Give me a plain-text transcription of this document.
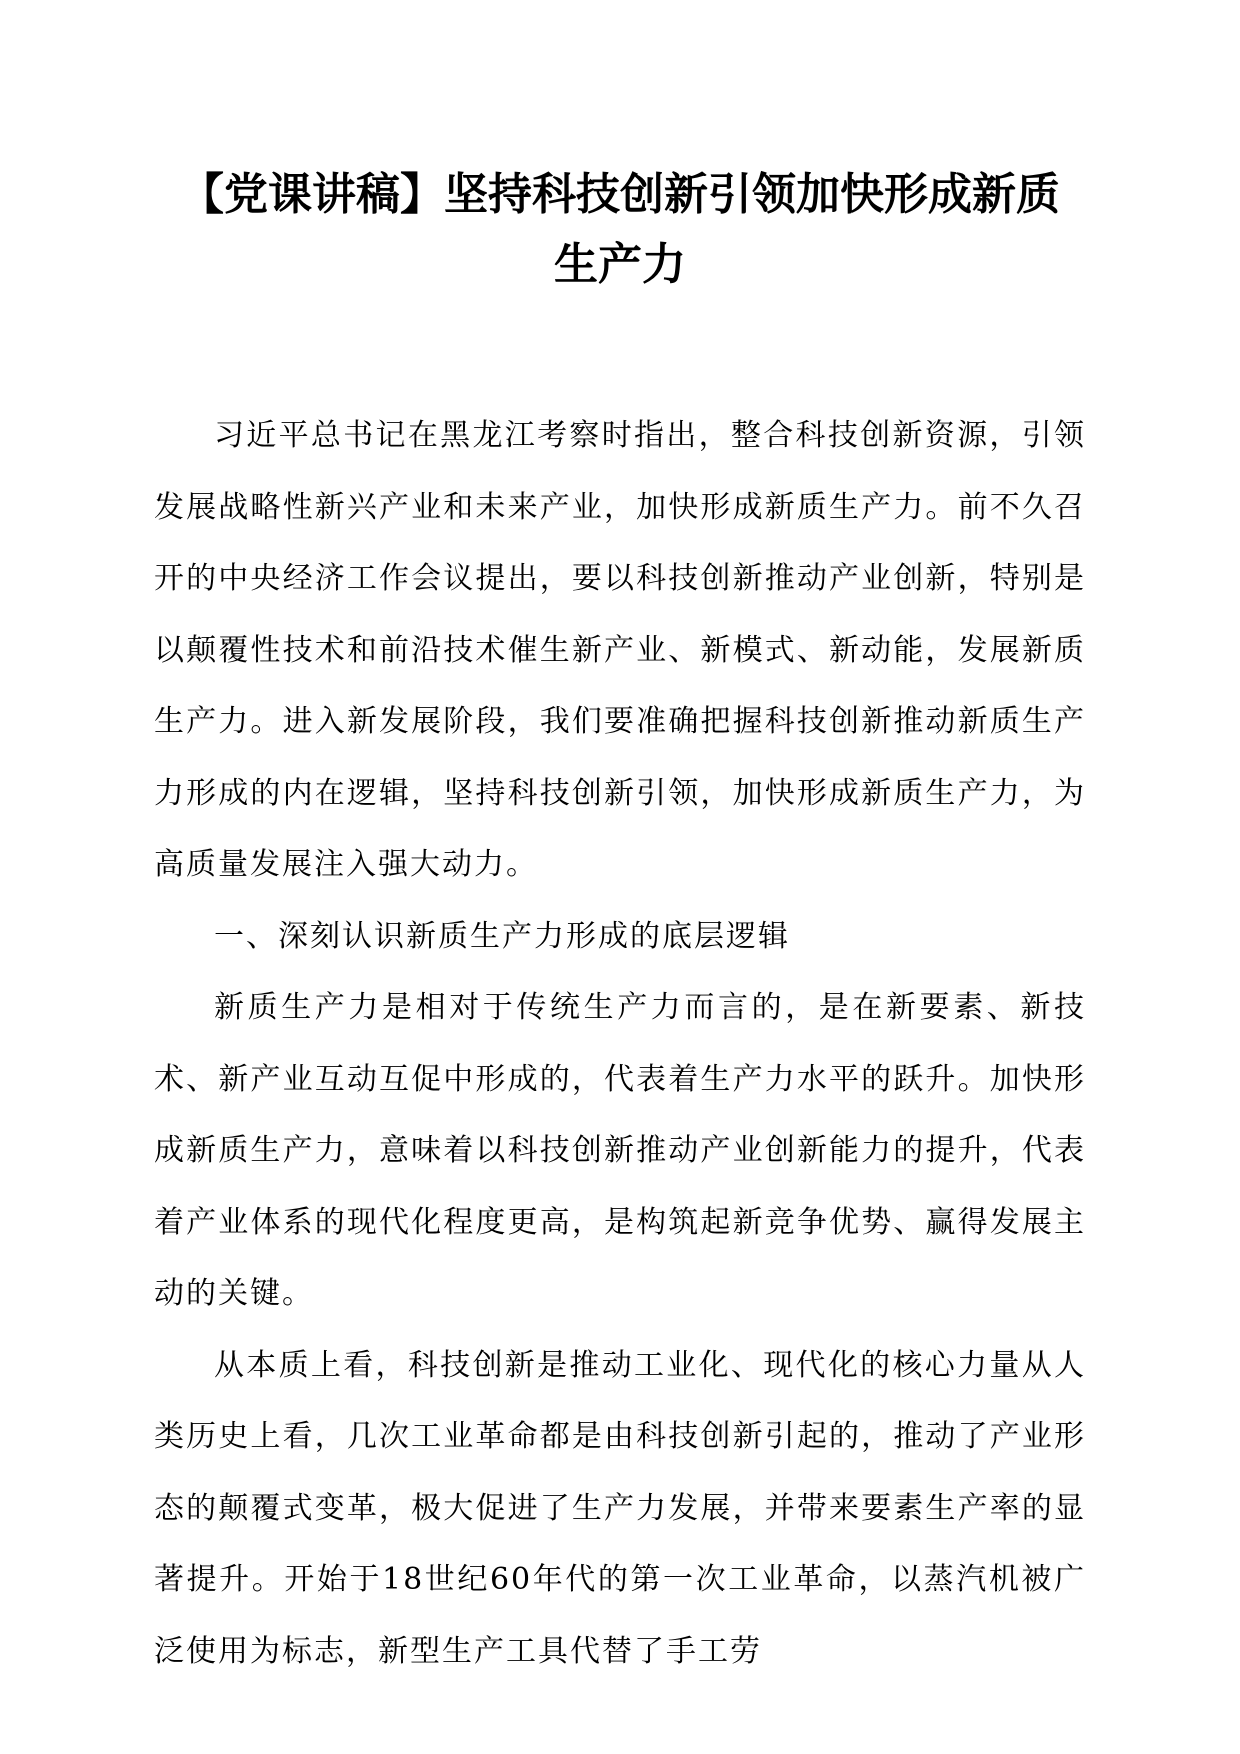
【党课讲稿】坚持科技创新引领加快形成新质
生产力

习近平总书记在黑龙江考察时指出，整合科技创新资源，引领发展战略性新兴产业和未来产业，加快形成新质生产力。前不久召开的中央经济工作会议提出，要以科技创新推动产业创新，特别是以颠覆性技术和前沿技术催生新产业、新模式、新动能，发展新质生产力。进入新发展阶段，我们要准确把握科技创新推动新质生产力形成的内在逻辑，坚持科技创新引领，加快形成新质生产力，为高质量发展注入强大动力。

一、深刻认识新质生产力形成的底层逻辑

新质生产力是相对于传统生产力而言的，是在新要素、新技术、新产业互动互促中形成的，代表着生产力水平的跃升。加快形成新质生产力，意味着以科技创新推动产业创新能力的提升，代表着产业体系的现代化程度更高，是构筑起新竞争优势、赢得发展主动的关键。

从本质上看，科技创新是推动工业化、现代化的核心力量从人类历史上看，几次工业革命都是由科技创新引起的，推动了产业形态的颠覆式变革，极大促进了生产力发展，并带来要素生产率的显著提升。开始于18世纪60年代的第一次工业革命，以蒸汽机被广泛使用为标志，新型生产工具代替了手工劳
